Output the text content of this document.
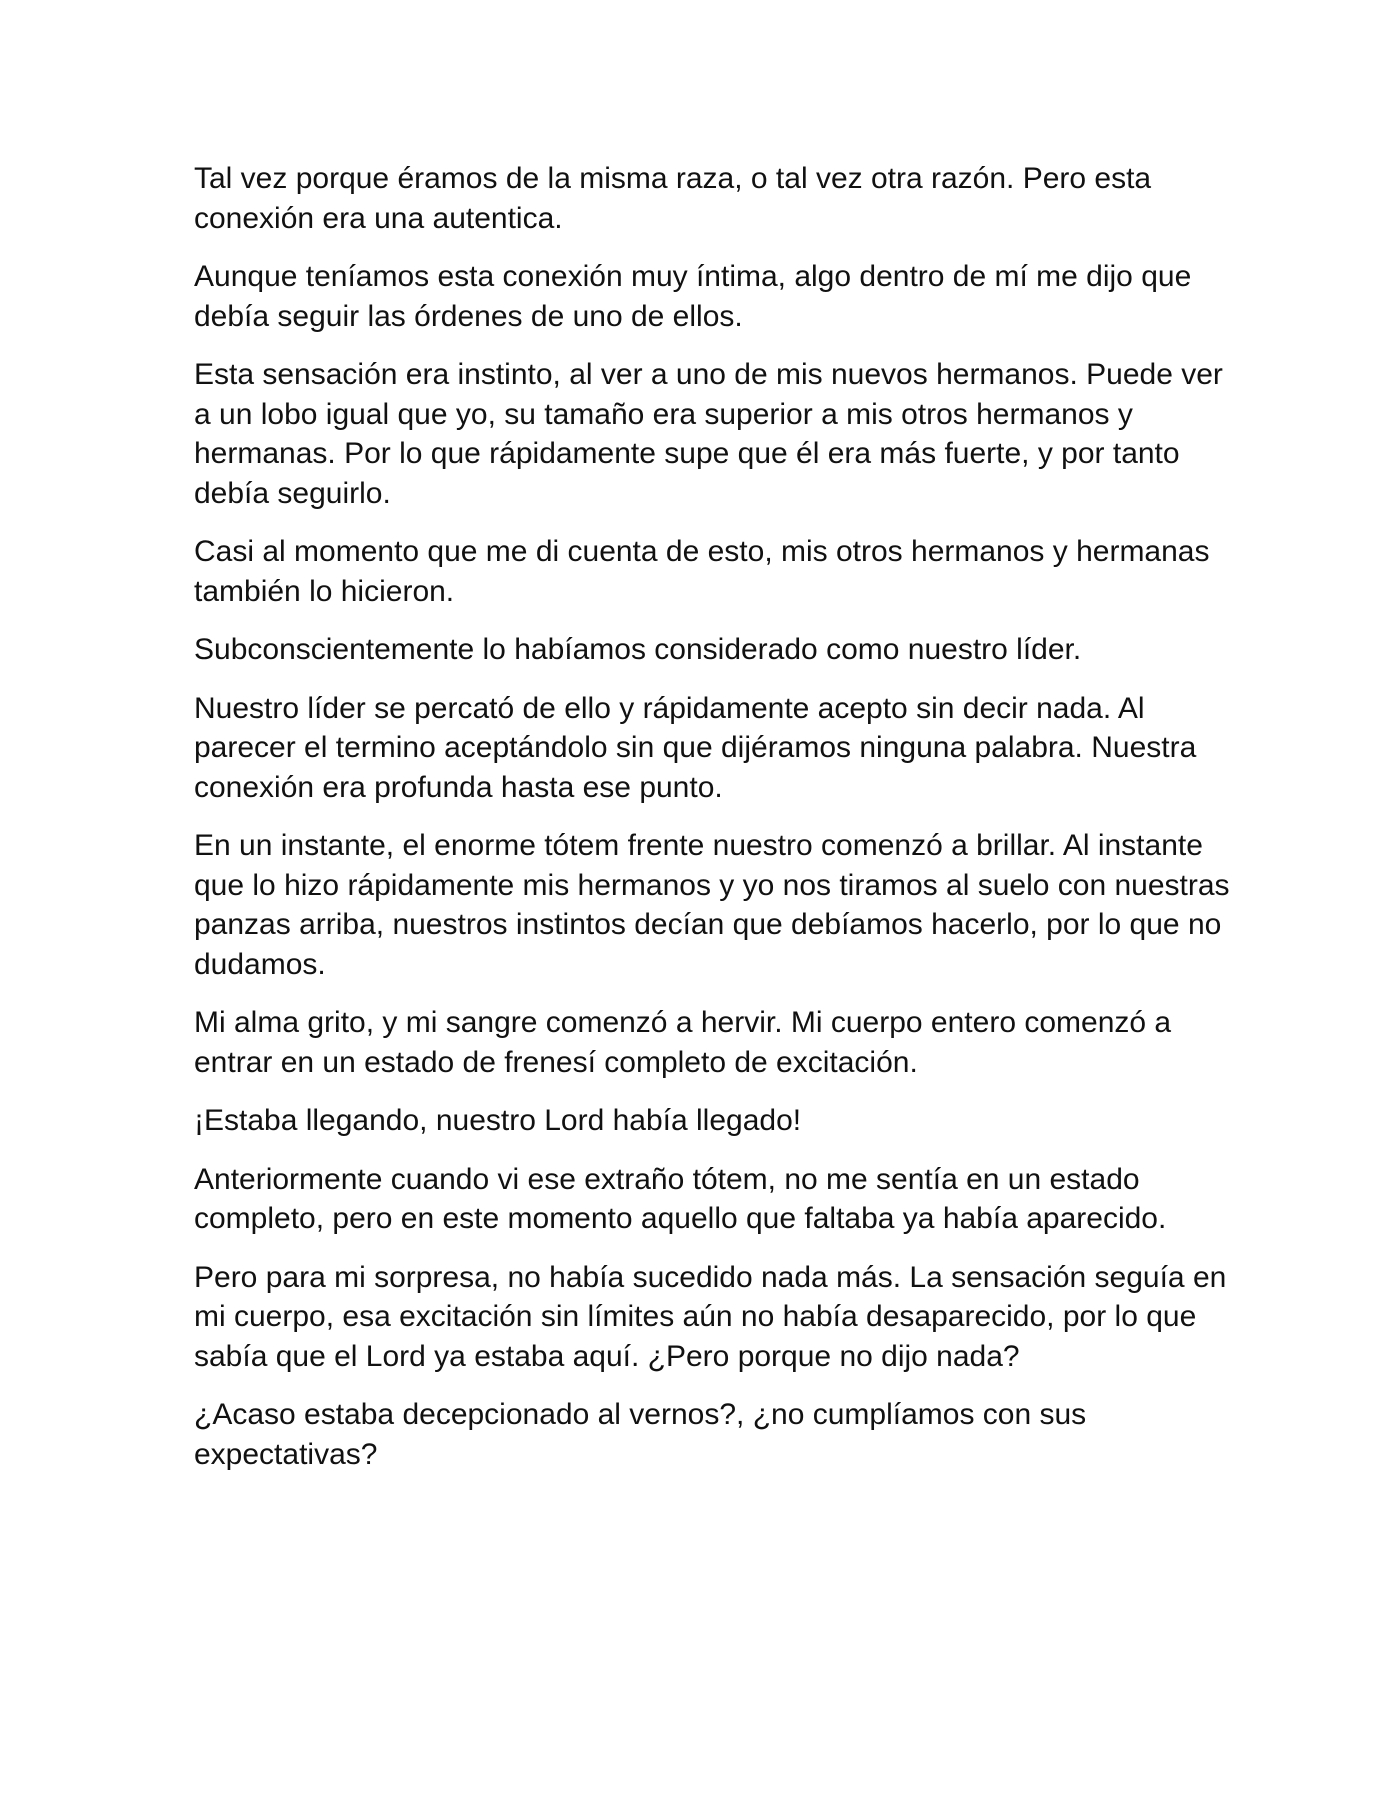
Tal vez porque éramos de la misma raza, o tal vez otra razón. Pero esta conexión era una autentica.

Aunque teníamos esta conexión muy íntima, algo dentro de mí me dijo que debía seguir las órdenes de uno de ellos.

Esta sensación era instinto, al ver a uno de mis nuevos hermanos. Puede ver a un lobo igual que yo, su tamaño era superior a mis otros hermanos y hermanas. Por lo que rápidamente supe que él era más fuerte, y por tanto debía seguirlo.

Casi al momento que me di cuenta de esto, mis otros hermanos y hermanas también lo hicieron.

Subconscientemente lo habíamos considerado como nuestro líder.

Nuestro líder se percató de ello y rápidamente acepto sin decir nada. Al parecer el termino aceptándolo sin que dijéramos ninguna palabra. Nuestra conexión era profunda hasta ese punto.

En un instante, el enorme tótem frente nuestro comenzó a brillar. Al instante que lo hizo rápidamente mis hermanos y yo nos tiramos al suelo con nuestras panzas arriba, nuestros instintos decían que debíamos hacerlo, por lo que no dudamos.

Mi alma grito, y mi sangre comenzó a hervir. Mi cuerpo entero comenzó a entrar en un estado de frenesí completo de excitación.

¡Estaba llegando, nuestro Lord había llegado!

Anteriormente cuando vi ese extraño tótem, no me sentía en un estado completo, pero en este momento aquello que faltaba ya había aparecido.

Pero para mi sorpresa, no había sucedido nada más. La sensación seguía en mi cuerpo, esa excitación sin límites aún no había desaparecido, por lo que sabía que el Lord ya estaba aquí. ¿Pero porque no dijo nada?

¿Acaso estaba decepcionado al vernos?, ¿no cumplíamos con sus expectativas?
